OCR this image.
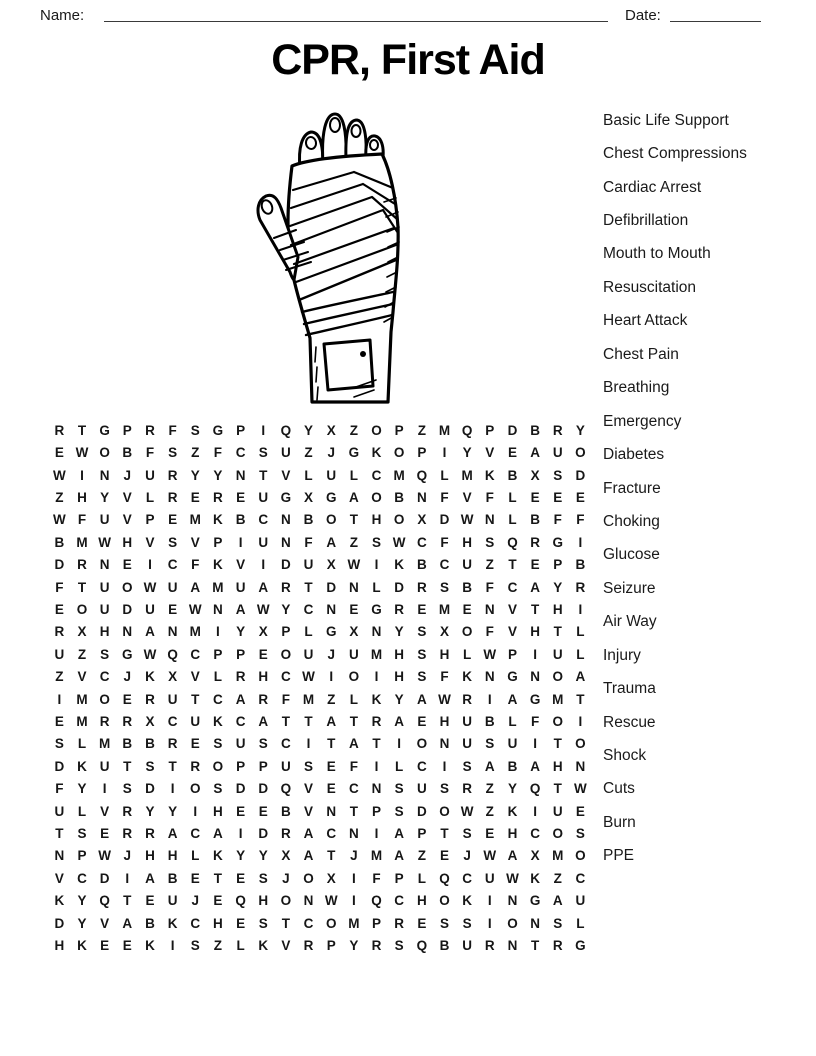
Name:	Date:
CPR, First Aid
Basic Life Support
Chest Compressions
Cardiac Arrest
Defibrillation
Mouth to Mouth
Resuscitation
Heart Attack
Chest Pain
Breathing
Emergency
Diabetes
Fracture
Choking
Glucose
Seizure
Air Way
Injury
Trauma
Rescue
Shock
Cuts
Burn
PPE
R	T G P R	F	S G P	I	Q Y	X	Z O P	Z M Q P D B R Y
E W O B	F	S	Z	F	C S U	Z	J	G K O P	I	Y	V	E A U O
W	I	N	J	U R Y	Y N	T	V	L	U	L	C M Q L M K B X	S D
Z	H Y	V	L	R E R E U G X G A O B N	F	V	F	L	E	E	E
W F	U V	P	E M K B C N B O T	H O X D W N	L	B	F	F
B M W H V	S	V	P	I	U N	F	A	Z	S W C	F	H S Q R G	I
D R N E	I	C	F	K V	I	D U X W	I	K B C U	Z	T	E	P B
F	T	U O W U A M U A R	T	D N	L	D R S B	F	C A Y R
E O U D U E W N A W Y C N E G R E M E N V	T	H	I
R X H N A N M	I	Y	X	P	L G X N Y	S	X O F	V H	T	L
U	Z	S G W Q C P	P	E O U	J	U M H S H	L W P	I	U	L
Z	V C	J	K X	V	L	R H C W	I	O	I	H S	F	K N G N O A
I	M O E R U	T	C A R	F M Z	L	K Y A W R	I	A G M T
E M R R X C U K C A	T	T	A	T	R A E H U B	L	F O	I
S	L M B B R E	S U S C	I	T	A	T	I	O N U S U	I	T O
D K U	T	S	T	R O P	P U S	E	F	I	L	C	I	S A B A H N
F	Y	I	S D	I	O S D D Q V	E C N S U S R	Z	Y Q T W
U	L	V R Y	Y	I	H E	E B V N	T	P	S D O W Z	K	I	U E
T	S	E R R A C A	I	D R A C N	I	A P	T	S	E H C O S
N P W J	H H	L	K Y	Y	X A	T	J M A	Z	E	J W A X M O
V C D	I	A B E	T	E	S	J	O X	I	F	P	L Q C U W K	Z	C
K Y Q T	E U	J	E Q H O N W	I	Q C H O K	I	N G A U
D Y	V A B K C H E	S	T	C O M P R E	S	S	I	O N S	L
H K E	E K	I	S	Z	L	K V R P	Y R S Q B U R N	T	R G
